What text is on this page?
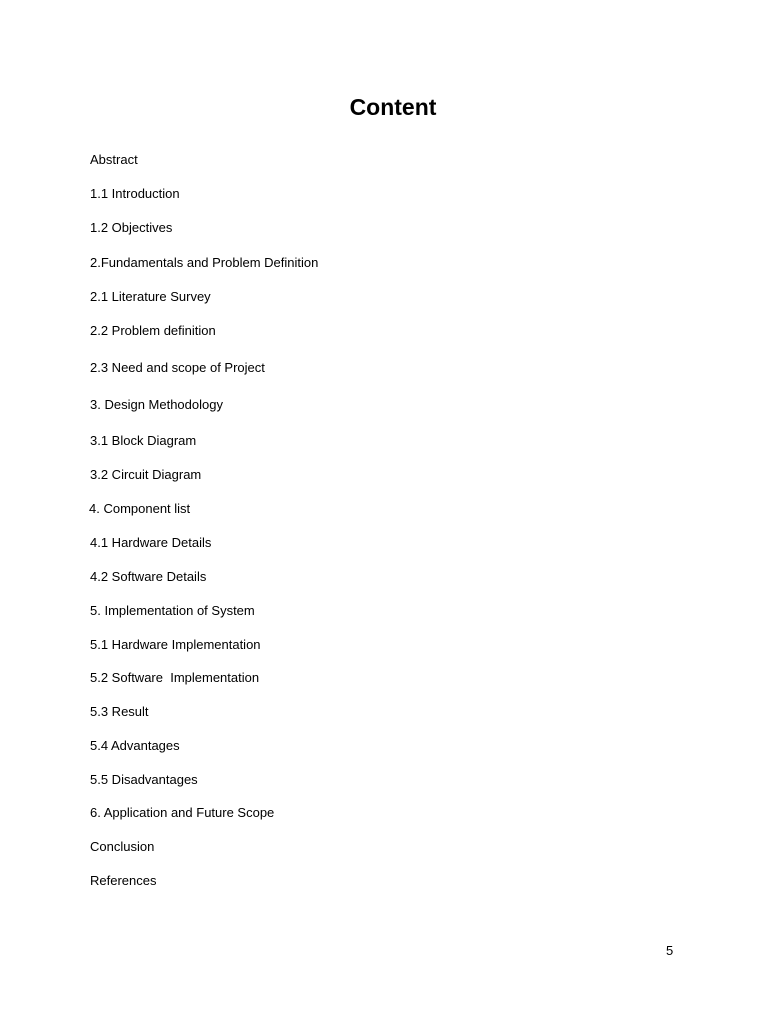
Content
Abstract
1.1 Introduction
1.2 Objectives
2.Fundamentals and Problem Definition
2.1 Literature Survey
2.2 Problem definition
2.3 Need and scope of Project
3. Design Methodology
3.1 Block Diagram
3.2 Circuit Diagram
4. Component list
4.1 Hardware Details
4.2 Software Details
5. Implementation of System
5.1 Hardware Implementation
5.2 Software  Implementation
5.3 Result
5.4 Advantages
5.5 Disadvantages
6. Application and Future Scope
Conclusion
References
5
